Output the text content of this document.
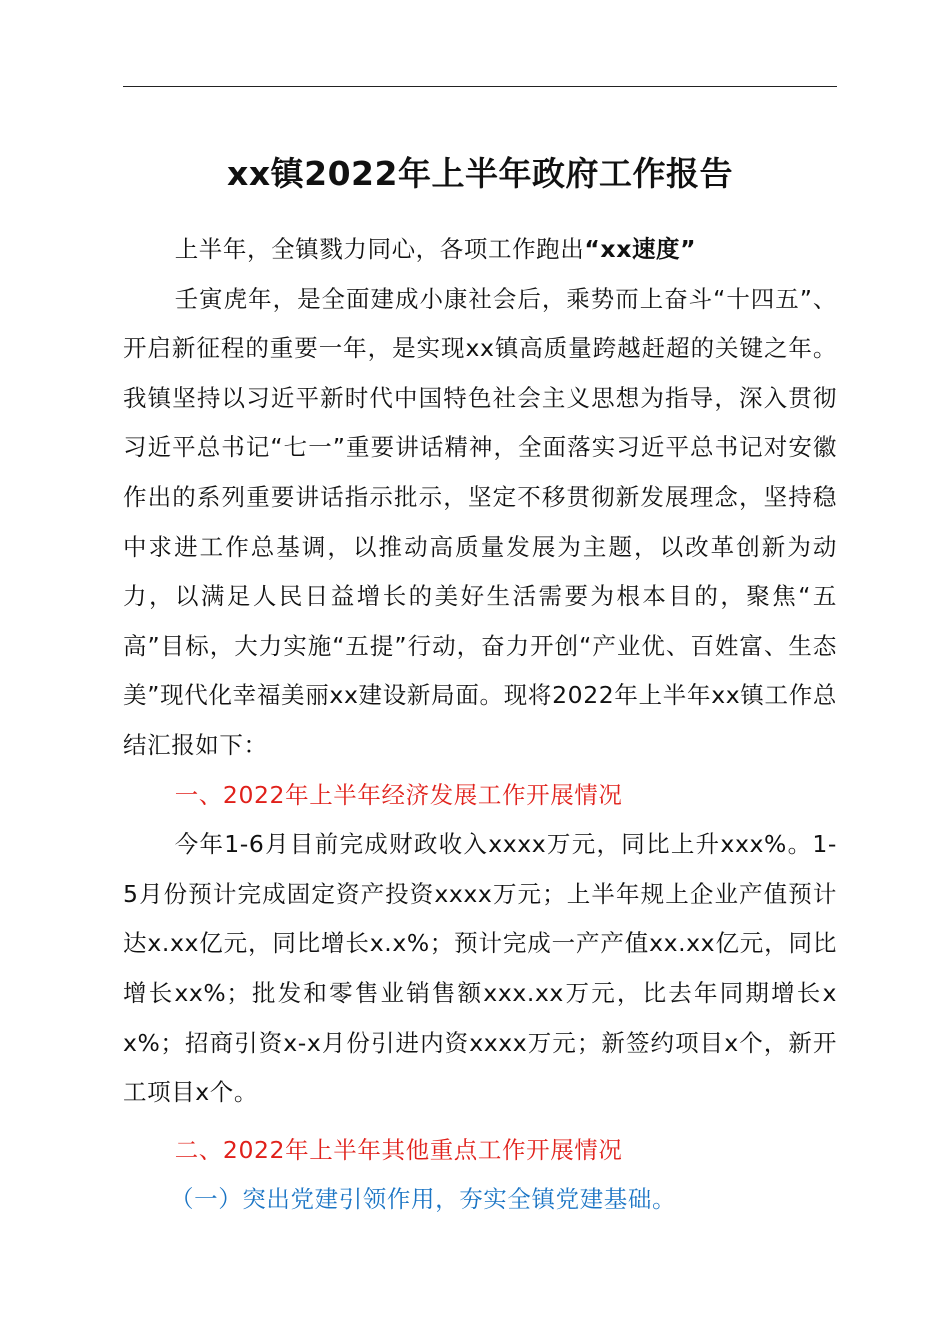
xx镇2022年上半年政府工作报告

上半年，全镇戮力同心，各项工作跑出“xx速度”

壬寅虎年，是全面建成小康社会后，乘势而上奋斗“十四五”、开启新征程的重要一年，是实现xx镇高质量跨越赶超的关键之年。我镇坚持以习近平新时代中国特色社会主义思想为指导，深入贯彻习近平总书记“七一”重要讲话精神，全面落实习近平总书记对安徽作出的系列重要讲话指示批示，坚定不移贯彻新发展理念，坚持稳中求进工作总基调，以推动高质量发展为主题，以改革创新为动力，以满足人民日益增长的美好生活需要为根本目的，聚焦“五高”目标，大力实施“五提”行动，奋力开创“产业优、百姓富、生态美”现代化幸福美丽xx建设新局面。现将2022年上半年xx镇工作总结汇报如下：

一、2022年上半年经济发展工作开展情况

今年1-6月目前完成财政收入xxxx万元，同比上升xxx%。1-5月份预计完成固定资产投资xxxx万元；上半年规上企业产值预计达x.xx亿元，同比增长x.x%；预计完成一产产值xx.xx亿元，同比增长xx%；批发和零售业销售额xxx.xx万元，比去年同期增长xx%；招商引资x-x月份引进内资xxxx万元；新签约项目x个，新开工项目x个。

二、2022年上半年其他重点工作开展情况

（一）突出党建引领作用，夯实全镇党建基础。
